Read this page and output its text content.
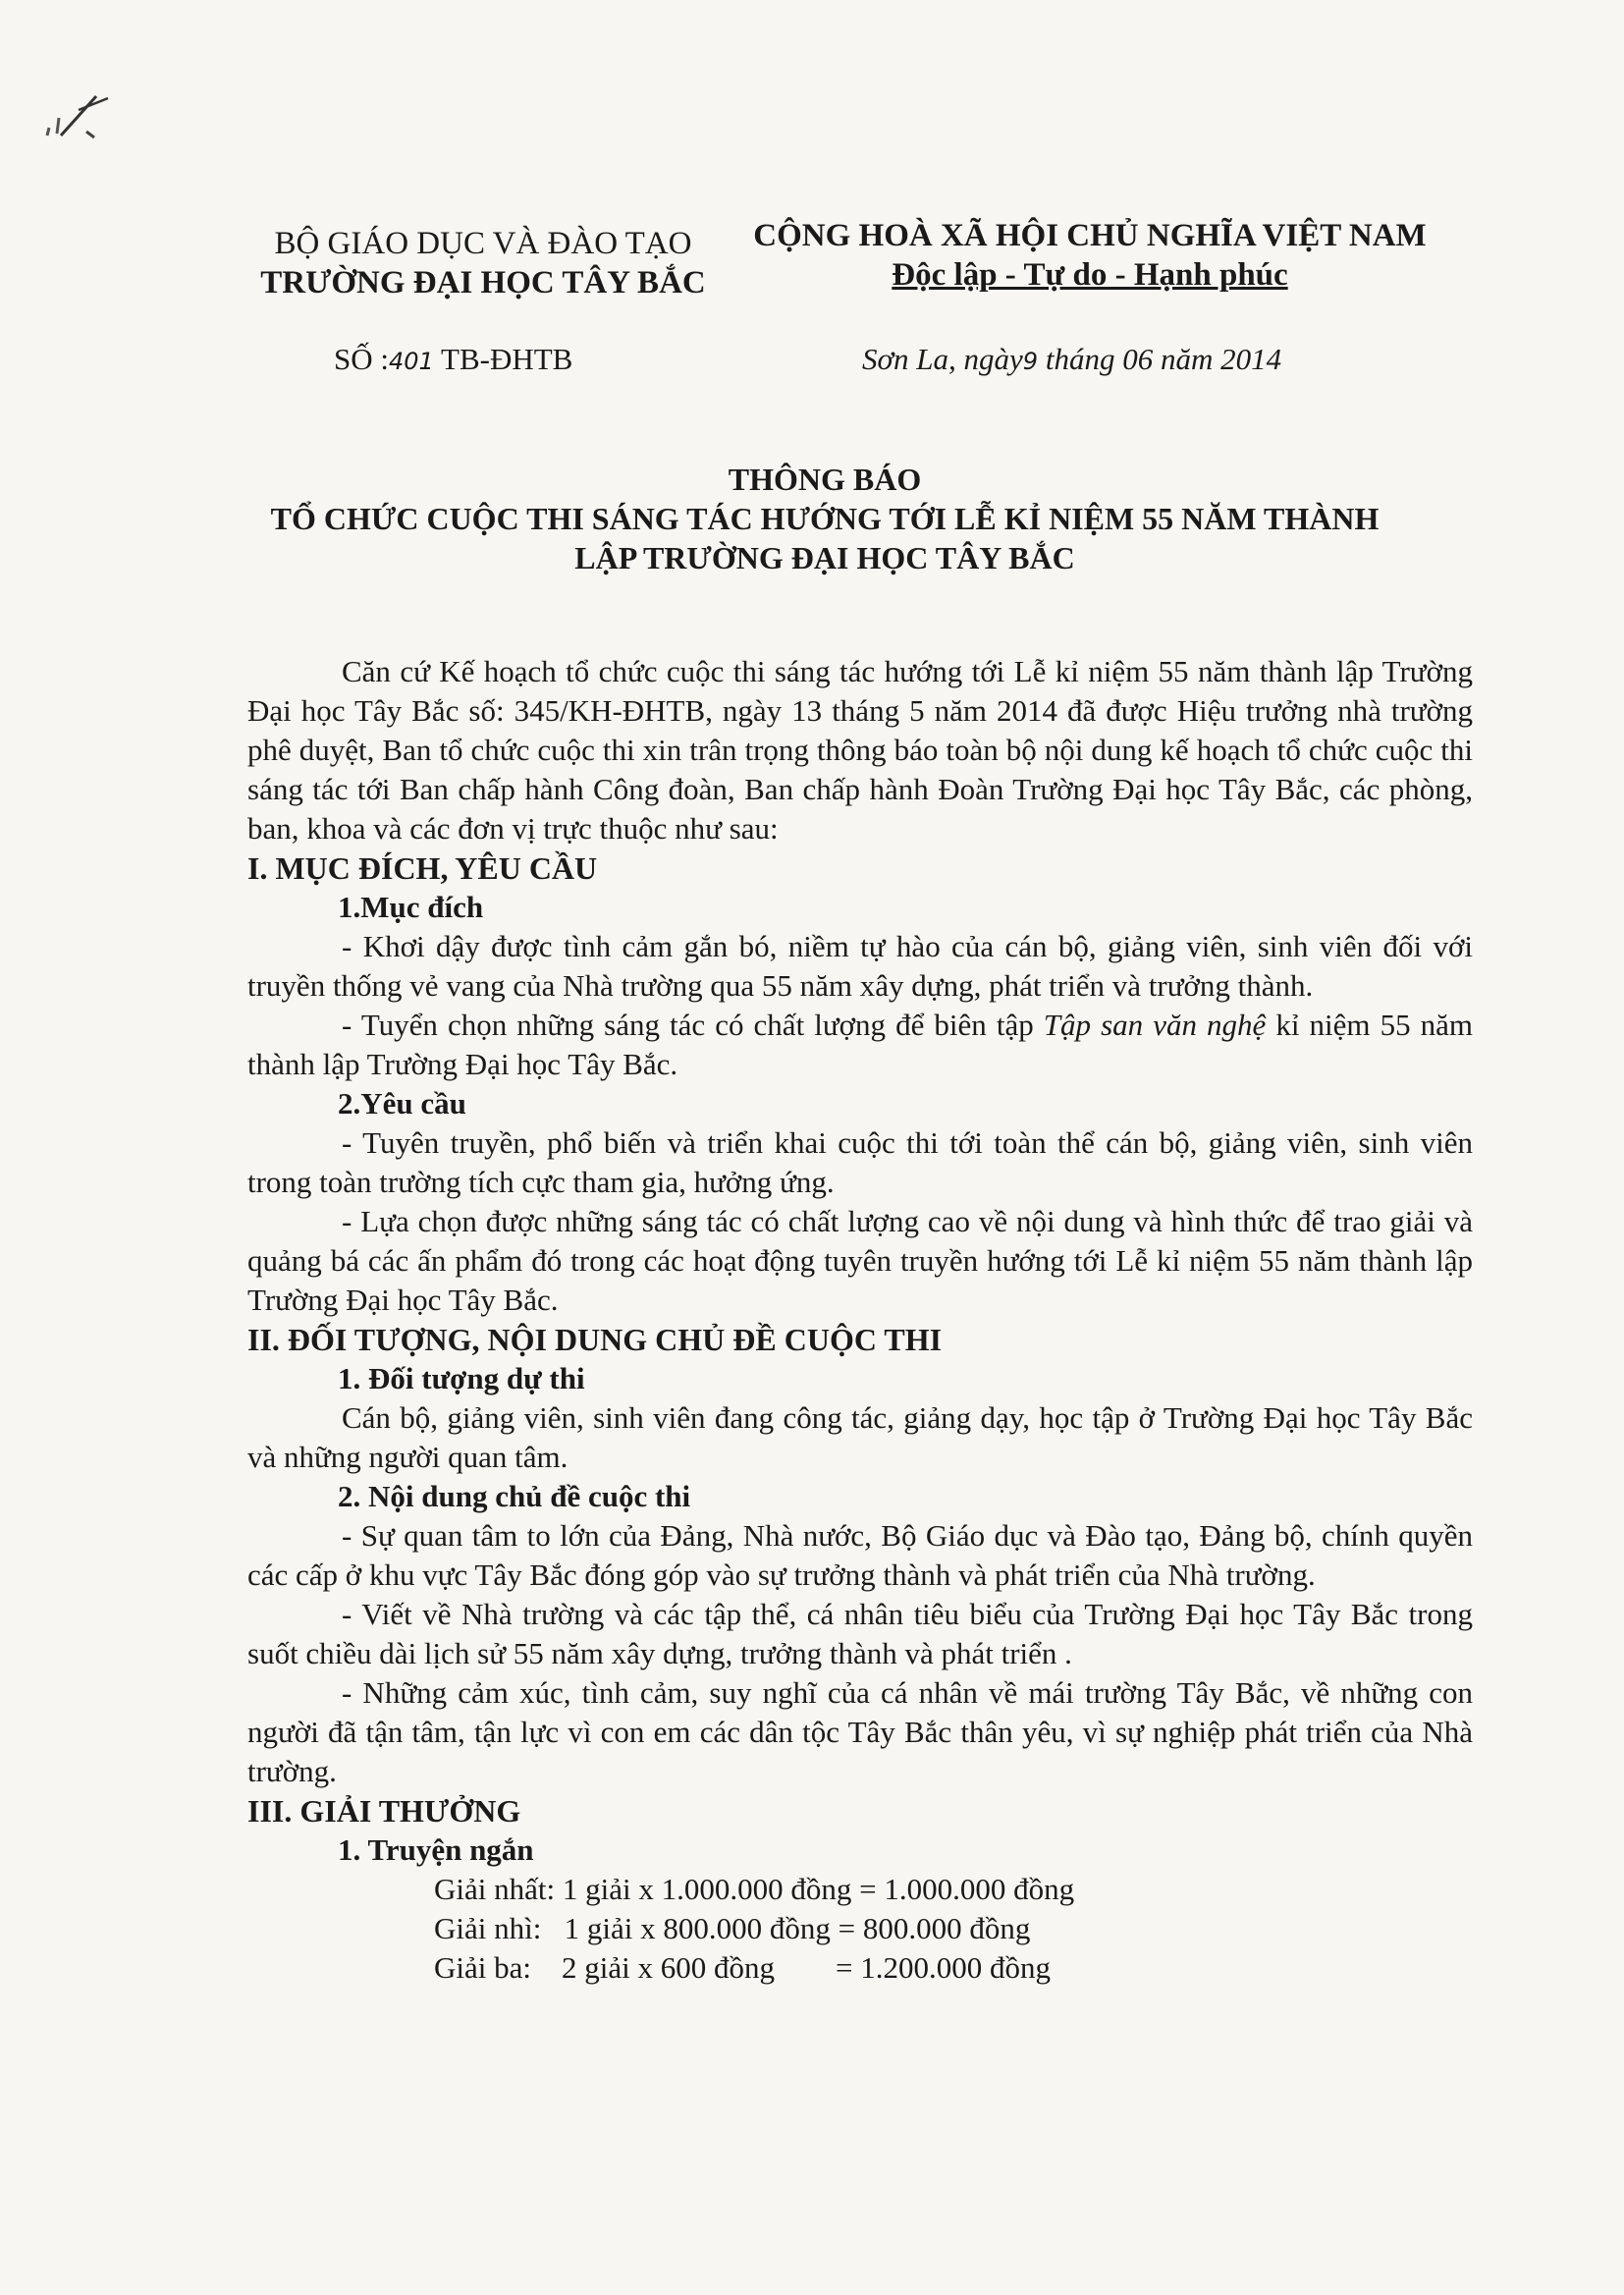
BỘ GIÁO DỤC VÀ ĐÀO TẠO
TRƯỜNG ĐẠI HỌC TÂY BẮC
CỘNG HOÀ XÃ HỘI CHỦ NGHĨA VIỆT NAM
Độc lập - Tự do - Hạnh phúc
SỐ :401 TB-ĐHTB	Sơn La, ngày9 tháng 06 năm 2014
THÔNG BÁO
TỔ CHỨC CUỘC THI SÁNG TÁC HƯỚNG TỚI LỄ KỈ NIỆM 55 NĂM THÀNH
LẬP TRƯỜNG ĐẠI HỌC TÂY BẮC

Căn cứ Kế hoạch tổ chức cuộc thi sáng tác hướng tới Lễ kỉ niệm 55 năm thành lập Trường Đại học Tây Bắc số: 345/KH-ĐHTB, ngày 13 tháng 5 năm 2014 đã được Hiệu trưởng nhà trường phê duyệt, Ban tổ chức cuộc thi xin trân trọng thông báo toàn bộ nội dung kế hoạch tổ chức cuộc thi sáng tác tới Ban chấp hành Công đoàn, Ban chấp hành Đoàn Trường Đại học Tây Bắc, các phòng, ban, khoa và các đơn vị trực thuộc như sau:

I. MỤC ĐÍCH, YÊU CẦU

1.Mục đích

- Khơi dậy được tình cảm gắn bó, niềm tự hào của cán bộ, giảng viên, sinh viên đối với truyền thống vẻ vang của Nhà trường qua 55 năm xây dựng, phát triển và trưởng thành.

- Tuyển chọn những sáng tác có chất lượng để biên tập Tập san văn nghệ kỉ niệm 55 năm thành lập Trường Đại học Tây Bắc.

2.Yêu cầu

- Tuyên truyền, phổ biến và triển khai cuộc thi tới toàn thể cán bộ, giảng viên, sinh viên trong toàn trường tích cực tham gia, hưởng ứng.

- Lựa chọn được những sáng tác có chất lượng cao về nội dung và hình thức để trao giải và quảng bá các ấn phẩm đó trong các hoạt động tuyên truyền hướng tới Lễ kỉ niệm 55 năm thành lập Trường Đại học Tây Bắc.

II. ĐỐI TƯỢNG, NỘI DUNG CHỦ ĐỀ CUỘC THI

1. Đối tượng dự thi

Cán bộ, giảng viên, sinh viên đang công tác, giảng dạy, học tập ở Trường Đại học Tây Bắc và những người quan tâm.

2. Nội dung chủ đề cuộc thi

- Sự quan tâm to lớn của Đảng, Nhà nước, Bộ Giáo dục và Đào tạo, Đảng bộ, chính quyền các cấp ở khu vực Tây Bắc đóng góp vào sự trưởng thành và phát triển của Nhà trường.

- Viết về Nhà trường và các tập thể, cá nhân tiêu biểu của Trường Đại học Tây Bắc trong suốt chiều dài lịch sử 55 năm xây dựng, trưởng thành và phát triển .

- Những cảm xúc, tình cảm, suy nghĩ của cá nhân về mái trường Tây Bắc, về những con người đã tận tâm, tận lực vì con em các dân tộc Tây Bắc thân yêu, vì sự nghiệp phát triển của Nhà trường.

III. GIẢI THƯỞNG

1. Truyện ngắn

Giải nhất: 1 giải x 1.000.000 đồng = 1.000.000 đồng

Giải nhì:   1 giải x 800.000 đồng = 800.000 đồng

Giải ba:    2 giải x 600 đồng        = 1.200.000 đồng
